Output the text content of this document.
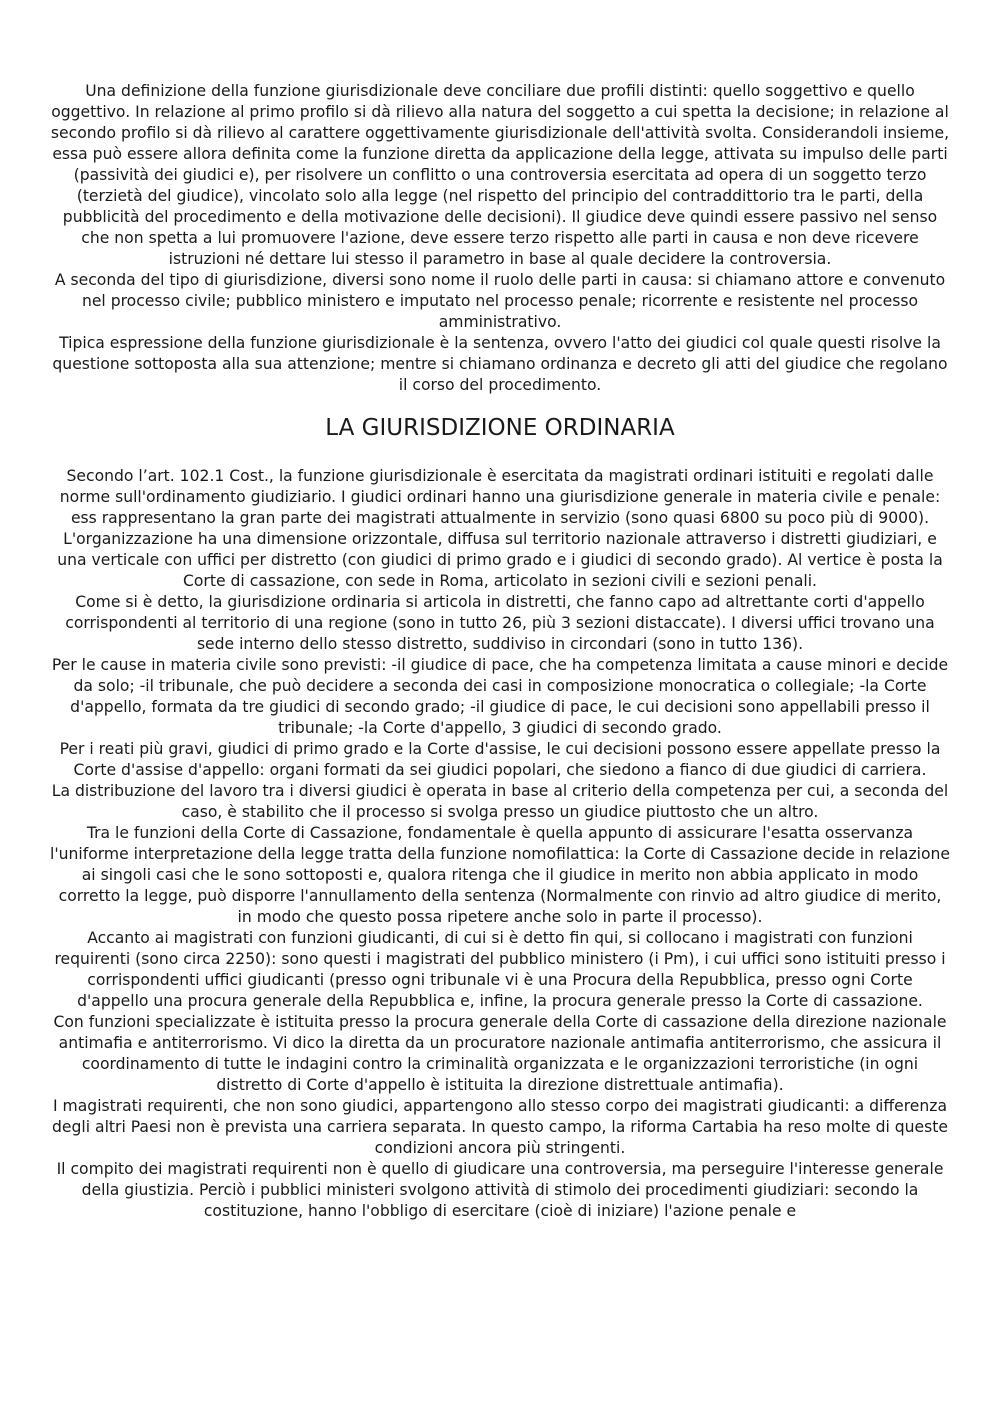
Una definizione della funzione giurisdizionale deve conciliare due profili distinti: quello soggettivo e quello oggettivo. In relazione al primo profilo si dà rilievo alla natura del soggetto a cui spetta la decisione; in relazione al secondo profilo si dà rilievo al carattere oggettivamente giurisdizionale dell'attività svolta. Considerandoli insieme, essa può essere allora definita come la funzione diretta da applicazione della legge, attivata su impulso delle parti (passività dei giudici e), per risolvere un conflitto o una controversia esercitata ad opera di un soggetto terzo (terzietà del giudice), vincolato solo alla legge (nel rispetto del principio del contraddittorio tra le parti, della pubblicità del procedimento e della motivazione delle decisioni). Il giudice deve quindi essere passivo nel senso che non spetta a lui promuovere l'azione, deve essere terzo rispetto alle parti in causa e non deve ricevere istruzioni né dettare lui stesso il parametro in base al quale decidere la controversia.

A seconda del tipo di giurisdizione, diversi sono nome il ruolo delle parti in causa: si chiamano attore e convenuto nel processo civile; pubblico ministero e imputato nel processo penale; ricorrente e resistente nel processo amministrativo.

Tipica espressione della funzione giurisdizionale è la sentenza, ovvero l'atto dei giudici col quale questi risolve la questione sottoposta alla sua attenzione; mentre si chiamano ordinanza e decreto gli atti del giudice che regolano il corso del procedimento.

LA GIURISDIZIONE ORDINARIA

Secondo l’art. 102.1 Cost., la funzione giurisdizionale è esercitata da magistrati ordinari istituiti e regolati dalle norme sull'ordinamento giudiziario. I giudici ordinari hanno una giurisdizione generale in materia civile e penale: ess rappresentano la gran parte dei magistrati attualmente in servizio (sono quasi 6800 su poco più di 9000). L'organizzazione ha una dimensione orizzontale, diffusa sul territorio nazionale attraverso i distretti giudiziari, e una verticale con uffici per distretto (con giudici di primo grado e i giudici di secondo grado). Al vertice è posta la Corte di cassazione, con sede in Roma, articolato in sezioni civili e sezioni penali.

Come si è detto, la giurisdizione ordinaria si articola in distretti, che fanno capo ad altrettante corti d'appello corrispondenti al territorio di una regione (sono in tutto 26, più 3 sezioni distaccate). I diversi uffici trovano una sede interno dello stesso distretto, suddiviso in circondari (sono in tutto 136).

Per le cause in materia civile sono previsti: -il giudice di pace, che ha competenza limitata a cause minori e decide da solo; -il tribunale, che può decidere a seconda dei casi in composizione monocratica o collegiale; -la Corte d'appello, formata da tre giudici di secondo grado; -il giudice di pace, le cui decisioni sono appellabili presso il tribunale; -la Corte d'appello, 3 giudici di secondo grado.

Per i reati più gravi, giudici di primo grado e la Corte d'assise, le cui decisioni possono essere appellate presso la Corte d'assise d'appello: organi formati da sei giudici popolari, che siedono a fianco di due giudici di carriera.

La distribuzione del lavoro tra i diversi giudici è operata in base al criterio della competenza per cui, a seconda del caso, è stabilito che il processo si svolga presso un giudice piuttosto che un altro.

Tra le funzioni della Corte di Cassazione, fondamentale è quella appunto di assicurare l'esatta osservanza l'uniforme interpretazione della legge tratta della funzione nomofilattica: la Corte di Cassazione decide in relazione ai singoli casi che le sono sottoposti e, qualora ritenga che il giudice in merito non abbia applicato in modo corretto la legge, può disporre l'annullamento della sentenza (Normalmente con rinvio ad altro giudice di merito, in modo che questo possa ripetere anche solo in parte il processo).

Accanto ai magistrati con funzioni giudicanti, di cui si è detto fin qui, si collocano i magistrati con funzioni requirenti (sono circa 2250): sono questi i magistrati del pubblico ministero (i Pm), i cui uffici sono istituiti presso i corrispondenti uffici giudicanti (presso ogni tribunale vi è una Procura della Repubblica, presso ogni Corte d'appello una procura generale della Repubblica e, infine, la procura generale presso la Corte di cassazione.

Con funzioni specializzate è istituita presso la procura generale della Corte di cassazione della direzione nazionale antimafia e antiterrorismo. Vi dico la diretta da un procuratore nazionale antimafia antiterrorismo, che assicura il coordinamento di tutte le indagini contro la criminalità organizzata e le organizzazioni terroristiche (in ogni distretto di Corte d'appello è istituita la direzione distrettuale antimafia).

I magistrati requirenti, che non sono giudici, appartengono allo stesso corpo dei magistrati giudicanti: a differenza degli altri Paesi non è prevista una carriera separata. In questo campo, la riforma Cartabia ha reso molte di queste condizioni ancora più stringenti.

Il compito dei magistrati requirenti non è quello di giudicare una controversia, ma perseguire l'interesse generale della giustizia. Perciò i pubblici ministeri svolgono attività di stimolo dei procedimenti giudiziari: secondo la costituzione, hanno l'obbligo di esercitare (cioè di iniziare) l'azione penale e
